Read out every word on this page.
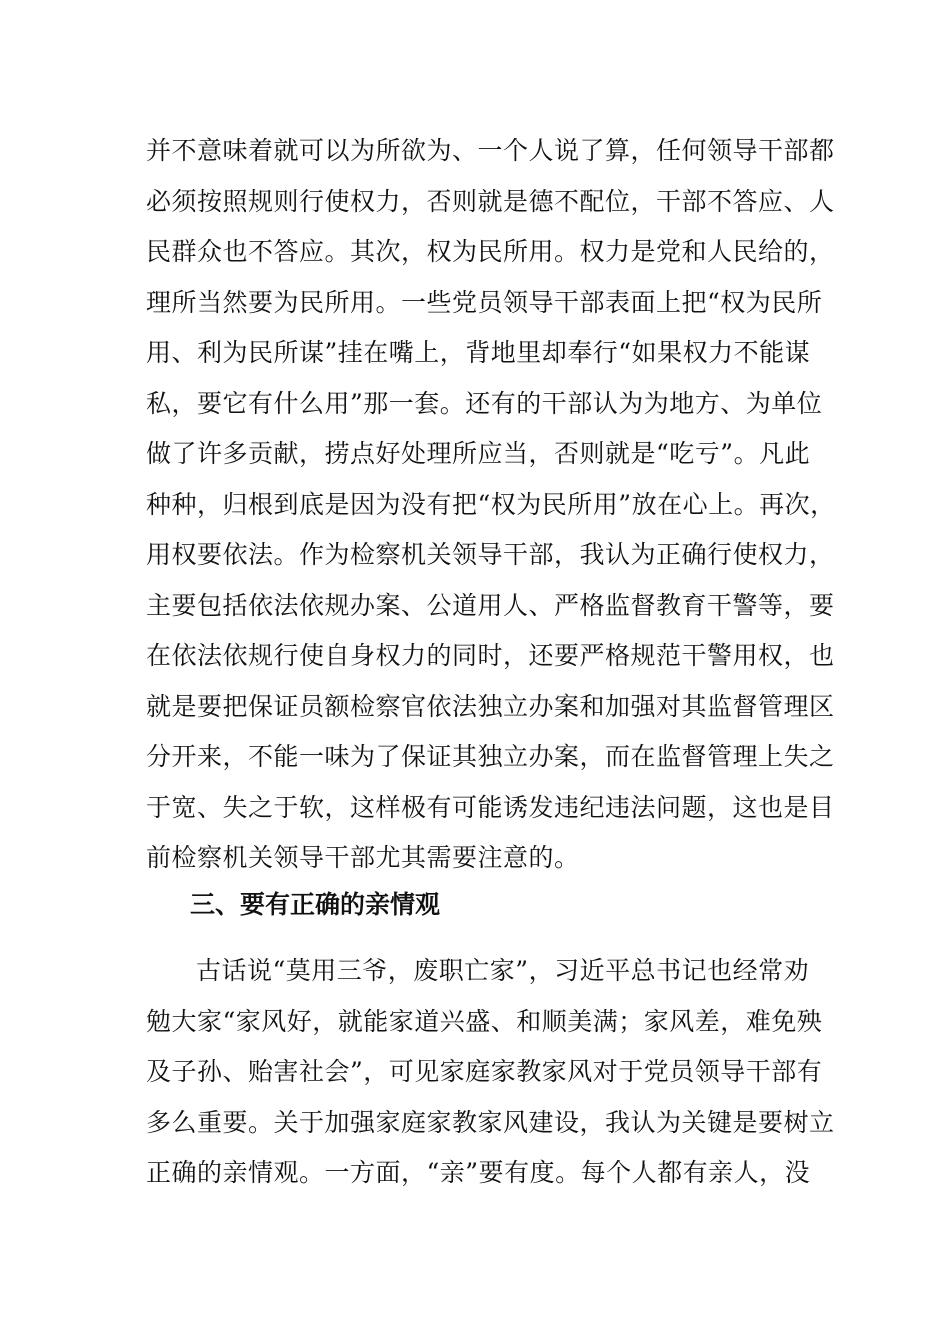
并不意味着就可以为所欲为、一个人说了算，任何领导干部都
必须按照规则行使权力，否则就是德不配位，干部不答应、人
民群众也不答应。其次，权为民所用。权力是党和人民给的，
理所当然要为民所用。一些党员领导干部表面上把“权为民所
用、利为民所谋”挂在嘴上，背地里却奉行“如果权力不能谋
私，要它有什么用”那一套。还有的干部认为为地方、为单位
做了许多贡献，捞点好处理所应当，否则就是“吃亏”。凡此
种种，归根到底是因为没有把“权为民所用”放在心上。再次，
用权要依法。作为检察机关领导干部，我认为正确行使权力，
主要包括依法依规办案、公道用人、严格监督教育干警等，要
在依法依规行使自身权力的同时，还要严格规范干警用权，也
就是要把保证员额检察官依法独立办案和加强对其监督管理区
分开来，不能一味为了保证其独立办案，而在监督管理上失之
于宽、失之于软，这样极有可能诱发违纪违法问题，这也是目
前检察机关领导干部尤其需要注意的。
三、要有正确的亲情观
古话说“莫用三爷，废职亡家”，习近平总书记也经常劝
勉大家“家风好，就能家道兴盛、和顺美满；家风差，难免殃
及子孙、贻害社会”，可见家庭家教家风对于党员领导干部有
多么重要。关于加强家庭家教家风建设，我认为关键是要树立
正确的亲情观。一方面，“亲”要有度。每个人都有亲人，没
